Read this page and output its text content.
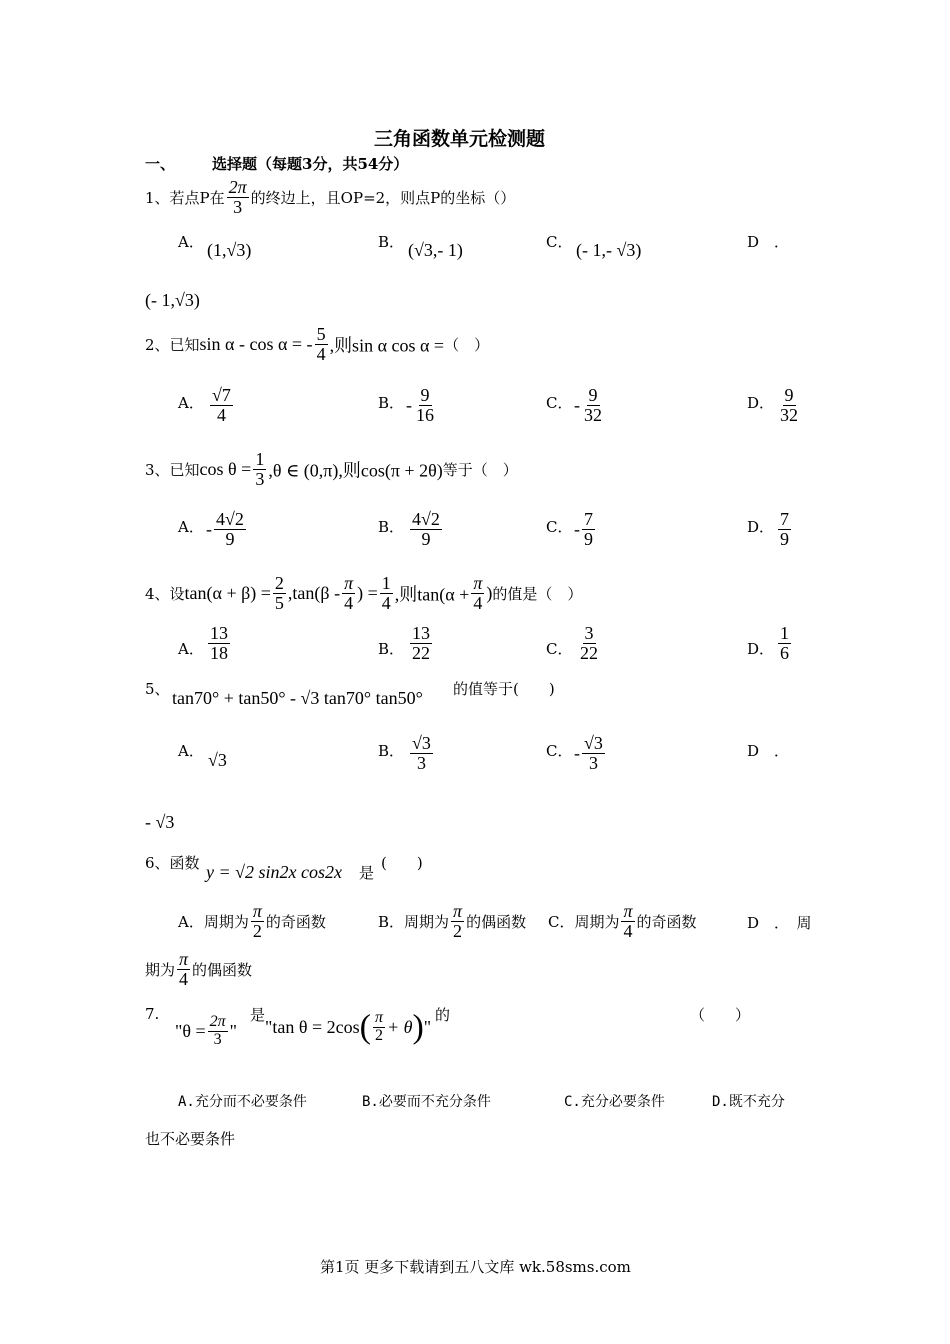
三角函数单元检测题
一、 选择题（每题3分，共54分）
1、若点P在 $\frac{2\pi}{3}$ 的终边上，且OP=2，则点P的坐标（）
A． (1,√3)	B． (√3,- 1)	C． (- 1,- √3)	D　．
(- 1,√3)
2、已知sin α - cos α = - $\frac{5}{4}$ ,则sin α cos α =（　）
A． $\frac{√7}{4}$	B． - $\frac{9}{16}$	C． - $\frac{9}{32}$	D． $\frac{9}{32}$
3、已知$\cos \theta = \frac{1}{3} ,\theta$ ∈ (0,π),则cos(π + 2θ)等于（　）
A． - $\frac{4√2}{9}$	B． $\frac{4√2}{9}$	C． - $\frac{7}{9}$	D． $\frac{7}{9}$
4、设$\tan(\alpha + \beta) = \frac{2}{5} ,\tan(\beta - \frac{\pi}{4}$ ) = $\frac{1}{4}$ ,则$\tan(\alpha + \frac{\pi}{4}$ )的值是（　）
A． $\frac{13}{18}$	B． $\frac{13}{22}$	C． $\frac{3}{22}$	D． $\frac{1}{6}$
5、 tan70° + tan50° - √3 tan70° tan50° 的值等于(　　)
A． √3	B． $\frac{√3}{3}$	C． - $\frac{√3}{3}$	D　．
- √3
6、函数 y = √2 sin2x cos2x 是
(　　)
A．周期为 $\frac{\pi}{2}$ 的奇函数	B．周期为 $\frac{\pi}{2}$ 的偶函数 C．周期为 $\frac{\pi}{4}$ 的奇函数	D　．　周
期为 $\frac{\pi}{4}$ 的偶函数
7.
"$\theta = \frac{2\pi}{3}$ "
是
"tan $\theta = 2\cos( \frac{\pi}{2} + \theta)$"
的	（　　）
A.充分而不必要条件	B.必要而不充分条件	C.充分必要条件	D.既不充分
也不必要条件
第1页 更多下载请到五八文库 wk.58sms.com
